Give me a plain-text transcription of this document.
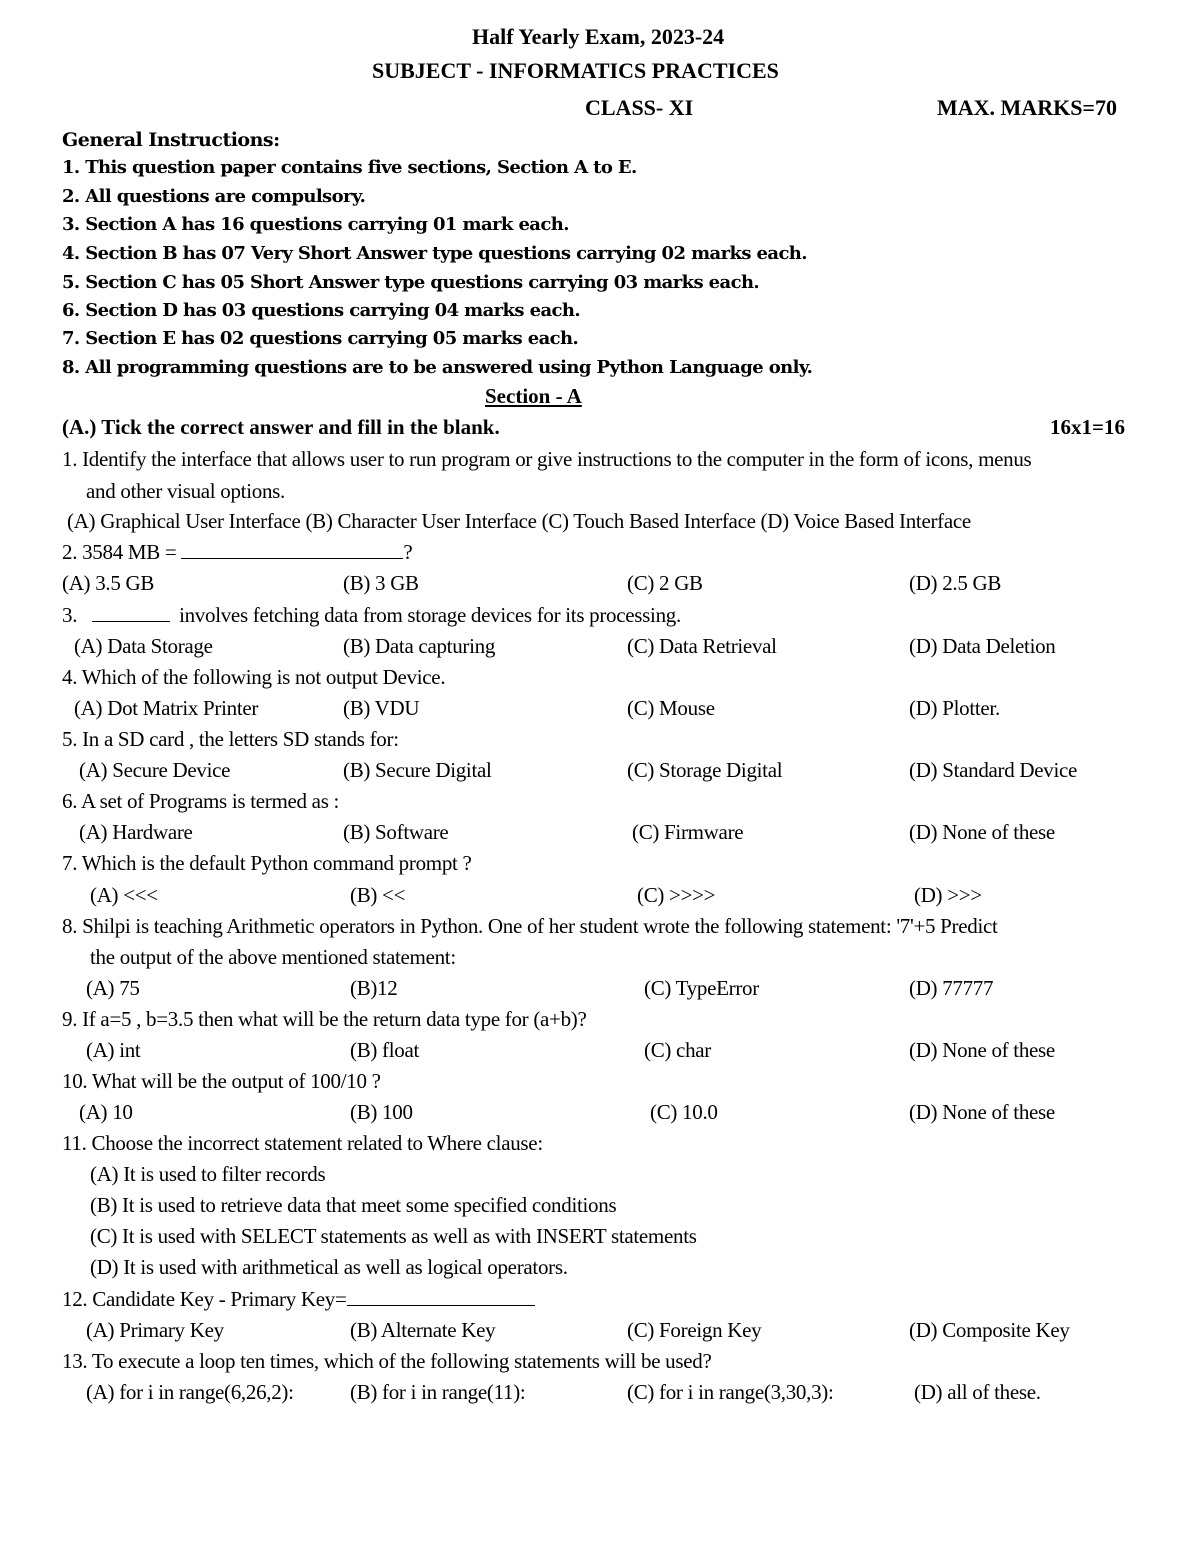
Half Yearly Exam, 2023-24
SUBJECT - INFORMATICS PRACTICES
CLASS- XI	MAX. MARKS=70
General Instructions:
1. This question paper contains five sections, Section A to E.
2. All questions are compulsory.
3. Section A has 16 questions carrying 01 mark each.
4. Section B has 07 Very Short Answer type questions carrying 02 marks each.
5. Section C has 05 Short Answer type questions carrying 03 marks each.
6. Section D has 03 questions carrying 04 marks each.
7. Section E has 02 questions carrying 05 marks each.
8. All programming questions are to be answered using Python Language only.
Section - A
(A.) Tick the correct answer and fill in the blank.	16x1=16
1. Identify the interface that allows user to run program or give instructions to the computer in the form of icons, menus
and other visual options.
(A) Graphical User Interface (B) Character User Interface (C) Touch Based Interface (D) Voice Based Interface
2. 3584 MB =	?
(A) 3.5 GB	(B) 3 GB	(C) 2 GB	(D) 2.5 GB
3.	involves fetching data from storage devices for its processing.
(A) Data Storage	(B) Data capturing	(C) Data Retrieval	(D) Data Deletion
4. Which of the following is not output Device.
(A) Dot Matrix Printer	(B) VDU	(C) Mouse	(D) Plotter.
5. In a SD card , the letters SD stands for:
(A) Secure Device	(B) Secure Digital	(C) Storage Digital	(D) Standard Device
6. A set of Programs is termed as :
(A) Hardware	(B) Software	(C) Firmware	(D) None of these
7. Which is the default Python command prompt ?
(A) <<<	(B) <<	(C) >>>>	(D) >>>
8. Shilpi is teaching Arithmetic operators in Python. One of her student wrote the following statement: '7'+5 Predict
the output of the above mentioned statement:
(A) 75	(B)12	(C) TypeError	(D) 77777
9. If a=5 , b=3.5 then what will be the return data type for (a+b)?
(A) int	(B) float	(C) char	(D) None of these
10. What will be the output of 100/10 ?
(A) 10	(B) 100	(C) 10.0	(D) None of these
11. Choose the incorrect statement related to Where clause:
(A) It is used to filter records
(B) It is used to retrieve data that meet some specified conditions
(C) It is used with SELECT statements as well as with INSERT statements
(D) It is used with arithmetical as well as logical operators.
12. Candidate Key - Primary Key=
(A) Primary Key	(B) Alternate Key	(C) Foreign Key	(D) Composite Key
13. To execute a loop ten times, which of the following statements will be used?
(A) for i in range(6,26,2):	(B) for i in range(11):	(C) for i in range(3,30,3):	(D) all of these.
